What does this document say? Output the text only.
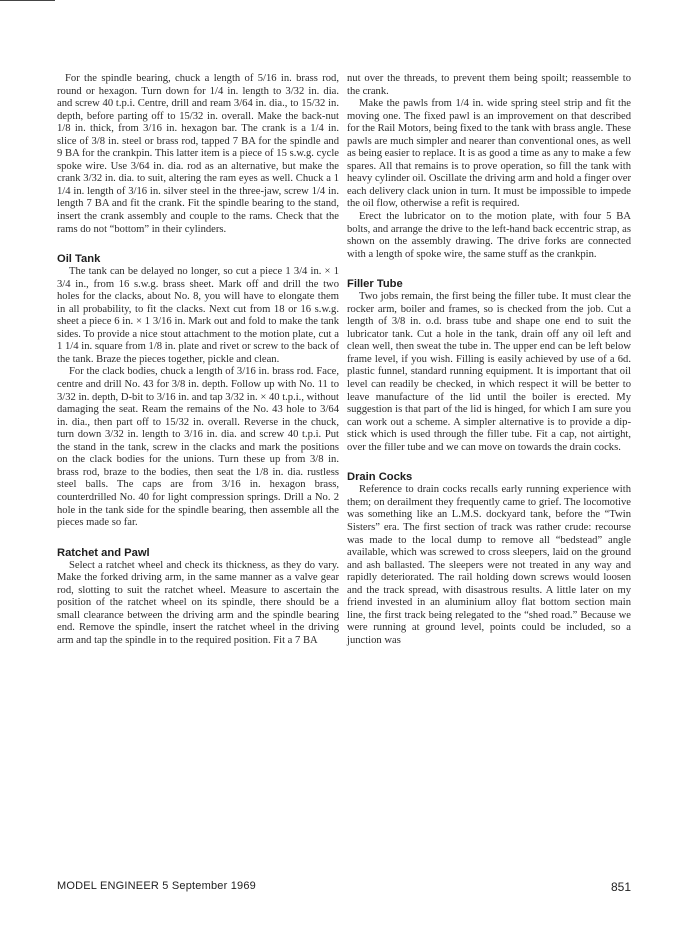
For the spindle bearing, chuck a length of 5/16 in. brass rod, round or hexagon. Turn down for 1/4 in. length to 3/32 in. dia. and screw 40 t.p.i. Centre, drill and ream 3/64 in. dia., to 15/32 in. depth, before parting off to 15/32 in. overall. Make the back-nut 1/8 in. thick, from 3/16 in. hexagon bar. The crank is a 1/4 in. slice of 3/8 in. steel or brass rod, tapped 7 BA for the spindle and 9 BA for the crankpin. This latter item is a piece of 15 s.w.g. cycle spoke wire. Use 3/64 in. dia. rod as an alternative, but make the crank 3/32 in. dia. to suit, altering the ram eyes as well. Chuck a 1 1/4 in. length of 3/16 in. silver steel in the three-jaw, screw 1/4 in. length 7 BA and fit the crank. Fit the spindle bearing to the stand, insert the crank assembly and couple to the rams. Check that the rams do not “bottom” in their cylinders.

Oil Tank

The tank can be delayed no longer, so cut a piece 1 3/4 in. × 1 3/4 in., from 16 s.w.g. brass sheet. Mark off and drill the two holes for the clacks, about No. 8, you will have to elongate them in all probability, to fit the clacks. Next cut from 18 or 16 s.w.g. sheet a piece 6 in. × 1 3/16 in. Mark out and fold to make the tank sides. To provide a nice stout attachment to the motion plate, cut a 1 1/4 in. square from 1/8 in. plate and rivet or screw to the back of the tank. Braze the pieces together, pickle and clean.

For the clack bodies, chuck a length of 3/16 in. brass rod. Face, centre and drill No. 43 for 3/8 in. depth. Follow up with No. 11 to 3/32 in. depth, D-bit to 3/16 in. and tap 3/32 in. × 40 t.p.i., without damaging the seat. Ream the remains of the No. 43 hole to 3/64 in. dia., then part off to 15/32 in. overall. Reverse in the chuck, turn down 3/32 in. length to 3/16 in. dia. and screw 40 t.p.i. Put the stand in the tank, screw in the clacks and mark the positions on the clack bodies for the unions. Turn these up from 3/8 in. brass rod, braze to the bodies, then seat the 1/8 in. dia. rustless steel balls. The caps are from 3/16 in. hexagon brass, counterdrilled No. 40 for light compression springs. Drill a No. 2 hole in the tank side for the spindle bearing, then assemble all the pieces made so far.

Ratchet and Pawl

Select a ratchet wheel and check its thickness, as they do vary. Make the forked driving arm, in the same manner as a valve gear rod, slotting to suit the ratchet wheel. Measure to ascertain the position of the ratchet wheel on its spindle, there should be a small clearance between the driving arm and the spindle bearing end. Remove the spindle, insert the ratchet wheel in the driving arm and tap the spindle in to the required position. Fit a 7 BA

nut over the threads, to prevent them being spoilt; reassemble to the crank.

Make the pawls from 1/4 in. wide spring steel strip and fit the moving one. The fixed pawl is an improvement on that described for the Rail Motors, being fixed to the tank with brass angle. These pawls are much simpler and nearer than conventional ones, as well as being easier to replace. It is as good a time as any to make a few spares. All that remains is to prove operation, so fill the tank with heavy cylinder oil. Oscillate the driving arm and hold a finger over each delivery clack union in turn. It must be impossible to impede the oil flow, otherwise a refit is required.

Erect the lubricator on to the motion plate, with four 5 BA bolts, and arrange the drive to the left-hand back eccentric strap, as shown on the assembly drawing. The drive forks are connected with a length of spoke wire, the same stuff as the crankpin.

Filler Tube

Two jobs remain, the first being the filler tube. It must clear the rocker arm, boiler and frames, so is checked from the job. Cut a length of 3/8 in. o.d. brass tube and shape one end to suit the lubricator tank. Cut a hole in the tank, drain off any oil left and clean well, then sweat the tube in. The upper end can be left below frame level, if you wish. Filling is easily achieved by use of a 6d. plastic funnel, standard running equipment. It is important that oil level can readily be checked, in which respect it will be better to leave manufacture of the lid until the boiler is erected. My suggestion is that part of the lid is hinged, for which I am sure you can work out a scheme. A simpler alternative is to provide a dip-stick which is used through the filler tube. Fit a cap, not airtight, over the filler tube and we can move on towards the drain cocks.

Drain Cocks

Reference to drain cocks recalls early running experience with them; on derailment they frequently came to grief. The locomotive was something like an L.M.S. dockyard tank, before the “Twin Sisters” era. The first section of track was rather crude: recourse was made to the local dump to remove all “bedstead” angle available, which was screwed to cross sleepers, laid on the ground and ash ballasted. The sleepers were not treated in any way and rapidly deteriorated. The rail holding down screws would loosen and the track spread, with disastrous results. A little later on my friend invested in an aluminium alloy flat bottom section main line, the first track being relegated to the “shed road.” Because we were running at ground level, points could be included, so a junction was

MODEL ENGINEER 5 September 1969	851
